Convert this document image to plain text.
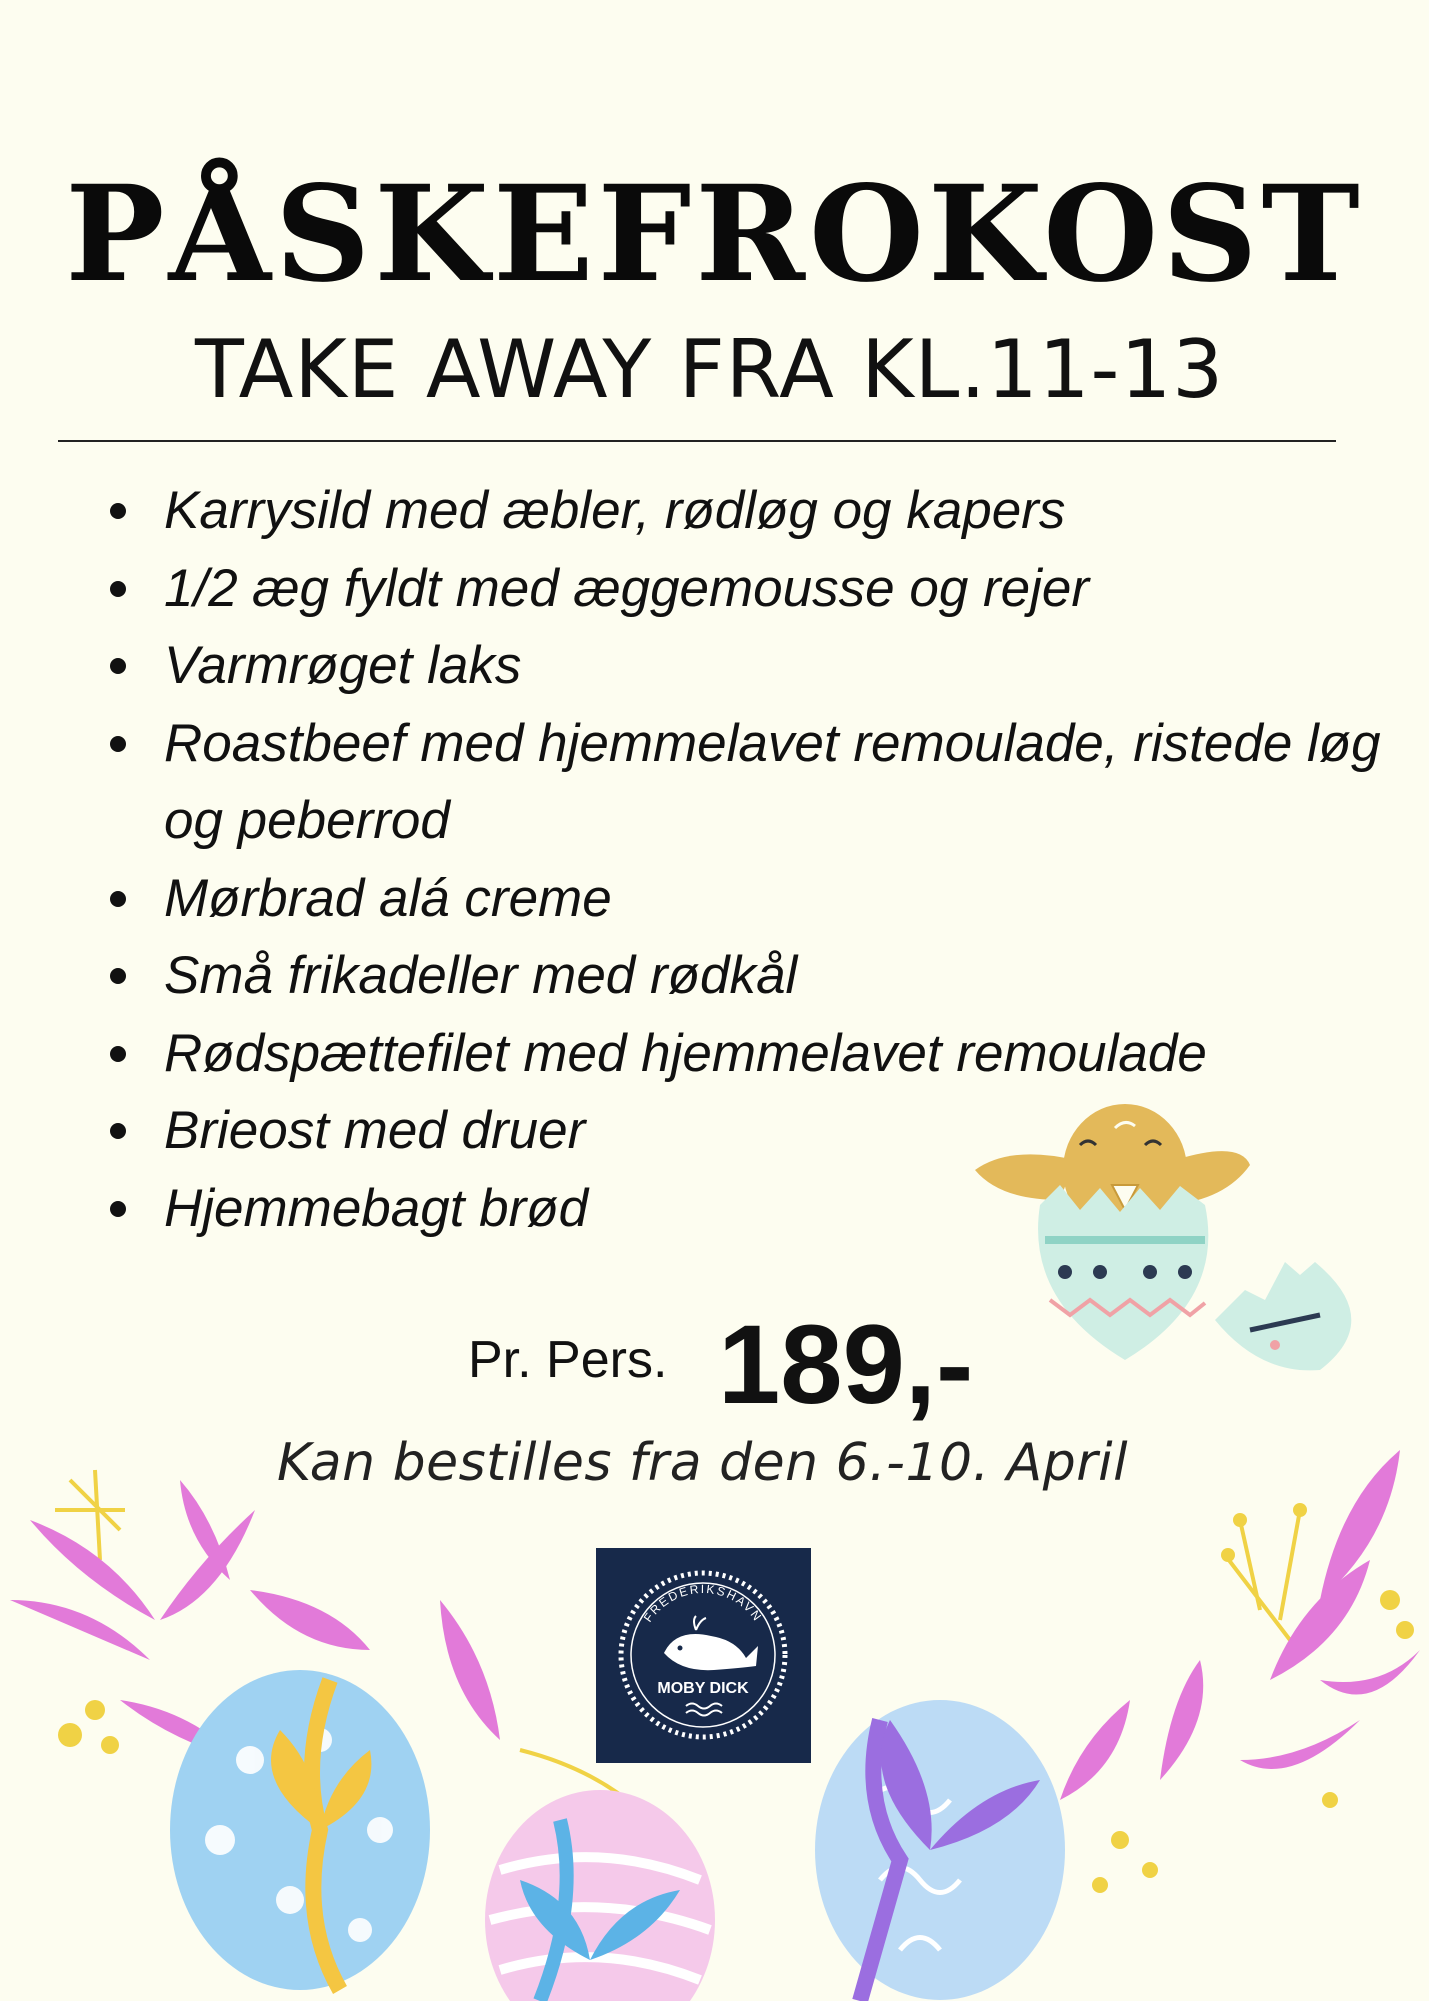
PÅSKEFROKOST
TAKE AWAY FRA KL.11-13
Karrysild med æbler, rødløg og kapers
1/2 æg fyldt med æggemousse og rejer
Varmrøget laks
Roastbeef med hjemmelavet remoulade, ristede løg og peberrod
Mørbrad alá creme
Små frikadeller med rødkål
Rødspættefilet med hjemmelavet remoulade
Brieost med druer
Hjemmebagt brød
Pr. Pers. 189,-
Kan bestilles fra den 6.-10. April
FREDERIKSHAVN
MOBY DICK
